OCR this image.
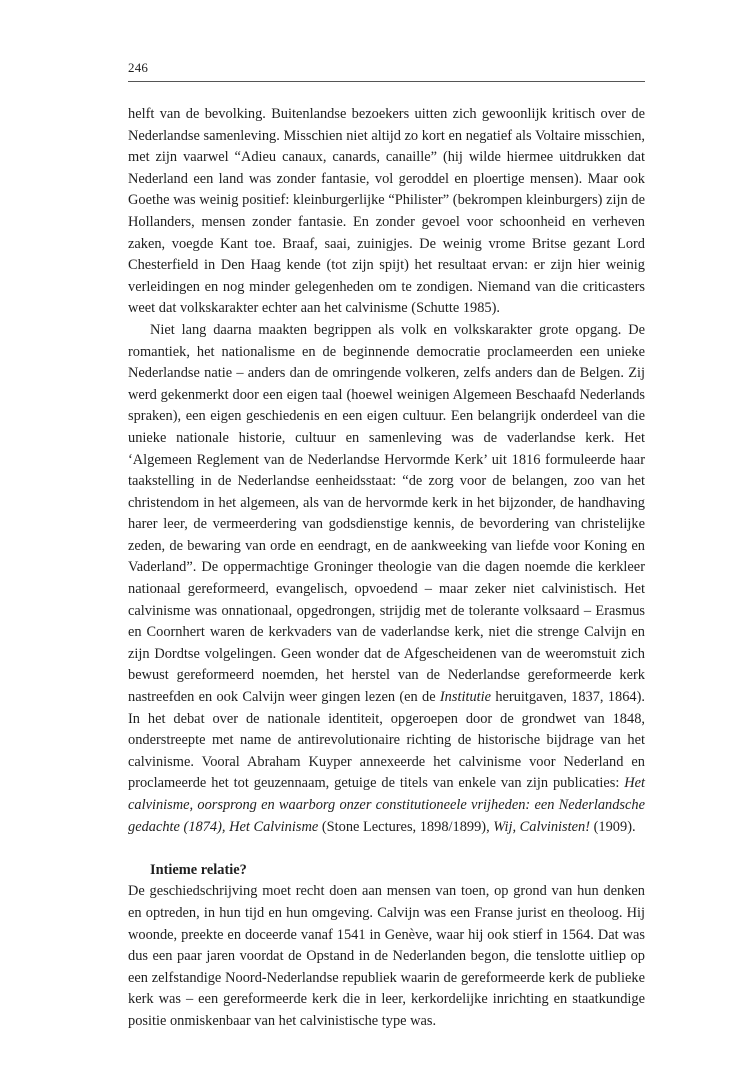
246

helft van de bevolking. Buitenlandse bezoekers uitten zich gewoonlijk kritisch over de Nederlandse samenleving. Misschien niet altijd zo kort en negatief als Voltaire misschien, met zijn vaarwel “Adieu canaux, canards, canaille” (hij wilde hiermee uitdrukken dat Nederland een land was zonder fantasie, vol geroddel en ploertige mensen). Maar ook Goethe was weinig positief: kleinburgerlijke “Philister” (bekrompen kleinburgers) zijn de Hollanders, mensen zonder fantasie. En zonder gevoel voor schoonheid en verheven zaken, voegde Kant toe. Braaf, saai, zuinigjes. De weinig vrome Britse gezant Lord Chesterfield in Den Haag kende (tot zijn spijt) het resultaat ervan: er zijn hier weinig verleidingen en nog minder gelegenheden om te zondigen. Niemand van die criticasters weet dat volkskarakter echter aan het calvinisme (Schutte 1985).

Niet lang daarna maakten begrippen als volk en volkskarakter grote opgang. De romantiek, het nationalisme en de beginnende democratie proclameerden een unieke Nederlandse natie – anders dan de omringende volkeren, zelfs anders dan de Belgen. Zij werd gekenmerkt door een eigen taal (hoewel weinigen Algemeen Beschaafd Nederlands spraken), een eigen geschiedenis en een eigen cultuur. Een belangrijk onderdeel van die unieke nationale historie, cultuur en samenleving was de vaderlandse kerk. Het ‘Algemeen Reglement van de Nederlandse Hervormde Kerk’ uit 1816 formuleerde haar taakstelling in de Nederlandse eenheidsstaat: “de zorg voor de belangen, zoo van het christendom in het algemeen, als van de hervormde kerk in het bijzonder, de handhaving harer leer, de vermeerdering van godsdienstige kennis, de bevordering van christelijke zeden, de bewaring van orde en eendragt, en de aankweeking van liefde voor Koning en Vaderland”. De oppermachtige Groninger theologie van die dagen noemde die kerkleer nationaal gereformeerd, evangelisch, opvoedend – maar zeker niet calvinistisch. Het calvinisme was onnationaal, opgedrongen, strijdig met de tolerante volksaard – Erasmus en Coornhert waren de kerkvaders van de vaderlandse kerk, niet die strenge Calvijn en zijn Dordtse volgelingen. Geen wonder dat de Afgescheidenen van de weeromstuit zich bewust gereformeerd noemden, het herstel van de Nederlandse gereformeerde kerk nastreefden en ook Calvijn weer gingen lezen (en de Institutie heruitgaven, 1837, 1864). In het debat over de nationale identiteit, opgeroepen door de grondwet van 1848, onderstreepte met name de antirevolutionaire richting de historische bijdrage van het calvinisme. Vooral Abraham Kuyper annexeerde het calvinisme voor Nederland en proclameerde het tot geuzennaam, getuige de titels van enkele van zijn publicaties: Het calvinisme, oorsprong en waarborg onzer constitutioneele vrijheden: een Nederlandsche gedachte (1874), Het Calvinisme (Stone Lectures, 1898/1899), Wij, Calvinisten! (1909).

Intieme relatie?

De geschiedschrijving moet recht doen aan mensen van toen, op grond van hun denken en optreden, in hun tijd en hun omgeving. Calvijn was een Franse jurist en theoloog. Hij woonde, preekte en doceerde vanaf 1541 in Genève, waar hij ook stierf in 1564. Dat was dus een paar jaren voordat de Opstand in de Nederlanden begon, die tenslotte uitliep op een zelfstandige Noord-Nederlandse republiek waarin de gereformeerde kerk de publieke kerk was – een gereformeerde kerk die in leer, kerkordelijke inrichting en staatkundige positie onmiskenbaar van het calvinistische type was.
